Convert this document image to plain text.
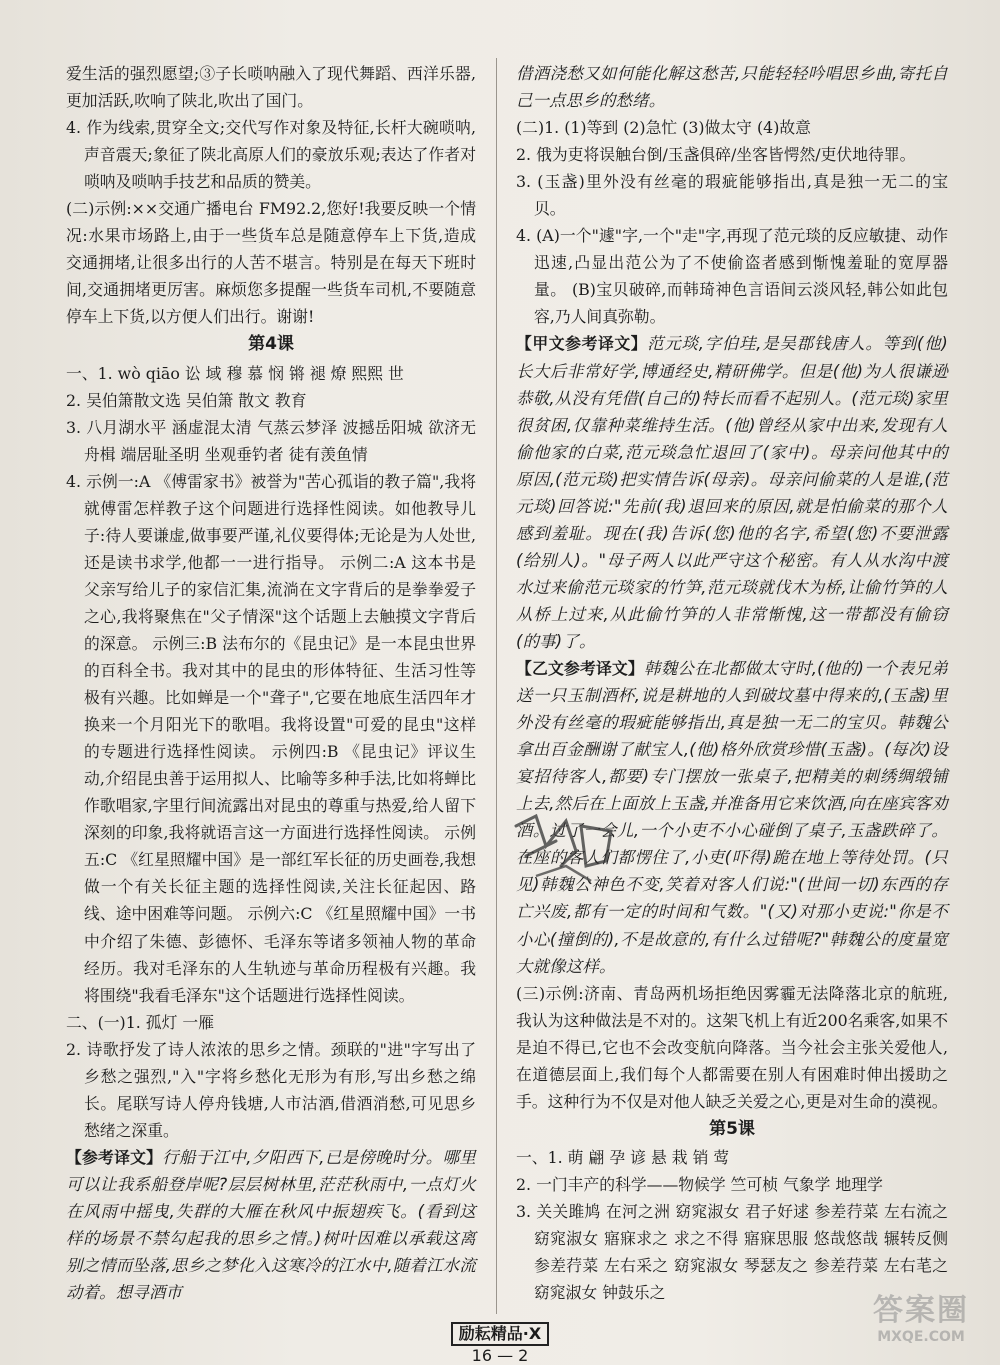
爱生活的强烈愿望;③子长唢呐融入了现代舞蹈、西洋乐器,更加活跃,吹响了陕北,吹出了国门。

4. 作为线索,贯穿全文;交代写作对象及特征,长杆大碗唢呐,声音震天;象征了陕北高原人们的豪放乐观;表达了作者对唢呐及唢呐手技艺和品质的赞美。

(二)示例:××交通广播电台 FM92.2,您好!我要反映一个情况:水果市场路上,由于一些货车总是随意停车上下货,造成交通拥堵,让很多出行的人苦不堪言。特别是在每天下班时间,交通拥堵更厉害。麻烦您多提醒一些货车司机,不要随意停车上下货,以方便人们出行。谢谢!

第4课

一、1. wò qiāo 讼 域 穆 慕 悯 锵 褪 燎 熙熙 世

2. 吴伯箫散文选 吴伯箫 散文 教育

3. 八月湖水平 涵虚混太清 气蒸云梦泽 波撼岳阳城 欲济无舟楫 端居耻圣明 坐观垂钓者 徒有羡鱼情

4. 示例一:A 《傅雷家书》被誉为"苦心孤诣的教子篇",我将就傅雷怎样教子这个问题进行选择性阅读。如他教导儿子:待人要谦虚,做事要严谨,礼仪要得体;无论是为人处世,还是读书求学,他都一一进行指导。 示例二:A 这本书是父亲写给儿子的家信汇集,流淌在文字背后的是拳拳爱子之心,我将聚焦在"父子情深"这个话题上去触摸文字背后的深意。 示例三:B 法布尔的《昆虫记》是一本昆虫世界的百科全书。我对其中的昆虫的形体特征、生活习性等极有兴趣。比如蝉是一个"聋子",它要在地底生活四年才换来一个月阳光下的歌唱。我将设置"可爱的昆虫"这样的专题进行选择性阅读。 示例四:B 《昆虫记》评议生动,介绍昆虫善于运用拟人、比喻等多种手法,比如将蝉比作歌唱家,字里行间流露出对昆虫的尊重与热爱,给人留下深刻的印象,我将就语言这一方面进行选择性阅读。 示例五:C 《红星照耀中国》是一部红军长征的历史画卷,我想做一个有关长征主题的选择性阅读,关注长征起因、路线、途中困难等问题。 示例六:C 《红星照耀中国》一书中介绍了朱德、彭德怀、毛泽东等诸多领袖人物的革命经历。我对毛泽东的人生轨迹与革命历程极有兴趣。我将围绕"我看毛泽东"这个话题进行选择性阅读。

二、(一)1. 孤灯 一雁

2. 诗歌抒发了诗人浓浓的思乡之情。颈联的"进"字写出了乡愁之强烈,"入"字将乡愁化无形为有形,写出乡愁之绵长。尾联写诗人停舟钱塘,人市沽酒,借酒消愁,可见思乡愁绪之深重。

【参考译文】行船于江中,夕阳西下,已是傍晚时分。哪里可以让我系船登岸呢?层层树林里,茫茫秋雨中,一点灯火在风雨中摇曳,失群的大雁在秋风中振翅疾飞。(看到这样的场景不禁勾起我的思乡之情。)树叶因难以承载这离别之情而坠落,思乡之梦化入这寒冷的江水中,随着江水流动着。想寻酒市

借酒浇愁又如何能化解这愁苦,只能轻轻吟唱思乡曲,寄托自己一点思乡的愁绪。

(二)1. (1)等到 (2)急忙 (3)做太守 (4)故意

2. 俄为吏将误触台倒/玉盏俱碎/坐客皆愕然/吏伏地待罪。

3. (玉盏)里外没有丝毫的瑕疵能够指出,真是独一无二的宝贝。

4. (A)一个"遽"字,一个"走"字,再现了范元琰的反应敏捷、动作迅速,凸显出范公为了不使偷盗者感到惭愧羞耻的宽厚器量。 (B)宝贝破碎,而韩琦神色言语间云淡风轻,韩公如此包容,乃人间真弥勒。

【甲文参考译文】范元琰,字伯珪,是吴郡钱唐人。等到(他)长大后非常好学,博通经史,精研佛学。但是(他)为人很谦逊恭敬,从没有凭借(自己的)特长而看不起别人。(范元琰)家里很贫困,仅靠种菜维持生活。(他)曾经从家中出来,发现有人偷他家的白菜,范元琰急忙退回了(家中)。母亲问他其中的原因,(范元琰)把实情告诉(母亲)。母亲问偷菜的人是谁,(范元琰)回答说:"先前(我)退回来的原因,就是怕偷菜的那个人感到羞耻。现在(我)告诉(您)他的名字,希望(您)不要泄露(给别人)。"母子两人以此严守这个秘密。有人从水沟中渡水过来偷范元琰家的竹笋,范元琰就伐木为桥,让偷竹笋的人从桥上过来,从此偷竹笋的人非常惭愧,这一带都没有偷窃(的事)了。

【乙文参考译文】韩魏公在北都做太守时,(他的)一个表兄弟送一只玉制酒杯,说是耕地的人到破坟墓中得来的,(玉盏)里外没有丝毫的瑕疵能够指出,真是独一无二的宝贝。韩魏公拿出百金酬谢了献宝人,(他)格外欣赏珍惜(玉盏)。(每次)设宴招待客人,都要)专门摆放一张桌子,把精美的刺绣绸缎铺上去,然后在上面放上玉盏,并准备用它来饮酒,向在座宾客劝酒。过了一会儿,一个小吏不小心碰倒了桌子,玉盏跌碎了。在座的客人们都愣住了,小吏(吓得)跪在地上等待处罚。(只见)韩魏公神色不变,笑着对客人们说:"(世间一切)东西的存亡兴废,都有一定的时间和气数。"(又)对那小吏说:"你是不小心(撞倒的),不是故意的,有什么过错呢?"韩魏公的度量宽大就像这样。

(三)示例:济南、青岛两机场拒绝因雾霾无法降落北京的航班,我认为这种做法是不对的。这架飞机上有近200名乘客,如果不是迫不得已,它也不会改变航向降落。当今社会主张关爱他人,在道德层面上,我们每个人都需要在别人有困难时伸出援助之手。这种行为不仅是对他人缺乏关爱之心,更是对生命的漠视。

第5课

一、1. 萌 翩 孕 谚 悬 栽 销 莺

2. 一门丰产的科学——物候学 竺可桢 气象学 地理学

3. 关关雎鸠 在河之洲 窈窕淑女 君子好逑 参差荇菜 左右流之 窈窕淑女 寤寐求之 求之不得 寤寐思服 悠哉悠哉 辗转反侧 参差荇菜 左右采之 窈窕淑女 琴瑟友之 参差荇菜 左右芼之 窈窕淑女 钟鼓乐之

励耘精品·X
16 — 2
答案圈
MXQE.COM
